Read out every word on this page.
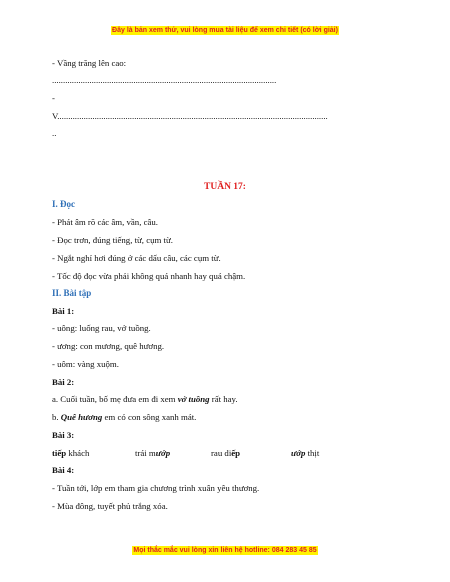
Đây là bản xem thử, vui lòng mua tài liệu để xem chi tiết (có lời giải)
- Vầng trăng lên cao:
......................................................................................................
-
V...........................................................................................................................
..
TUẦN 17:
I. Đọc
- Phát âm rõ các âm, vần, câu.
- Đọc trơn, đúng tiếng, từ, cụm từ.
- Ngắt nghỉ hơi đúng ở các dấu câu, các cụm từ.
- Tốc độ đọc vừa phải không quá nhanh hay quá chậm.
II. Bài tập
Bài 1:
- uông: luống rau, vở tuồng.
- ương: con mương, quê hương.
- uôm: vàng xuộm.
Bài 2:
a. Cuối tuần, bố mẹ đưa em đi xem vở tuồng rất hay.
b. Quê hương em có con sông xanh mát.
Bài 3:
tiếp khách	trái mướp	rau diếp	ướp thịt
Bài 4:
- Tuần tới, lớp em tham gia chương trình xuân yêu thương.
- Mùa đông, tuyết phủ trắng xóa.
Mọi thắc mắc vui lòng xin liên hệ hotline: 084 283 45 85
